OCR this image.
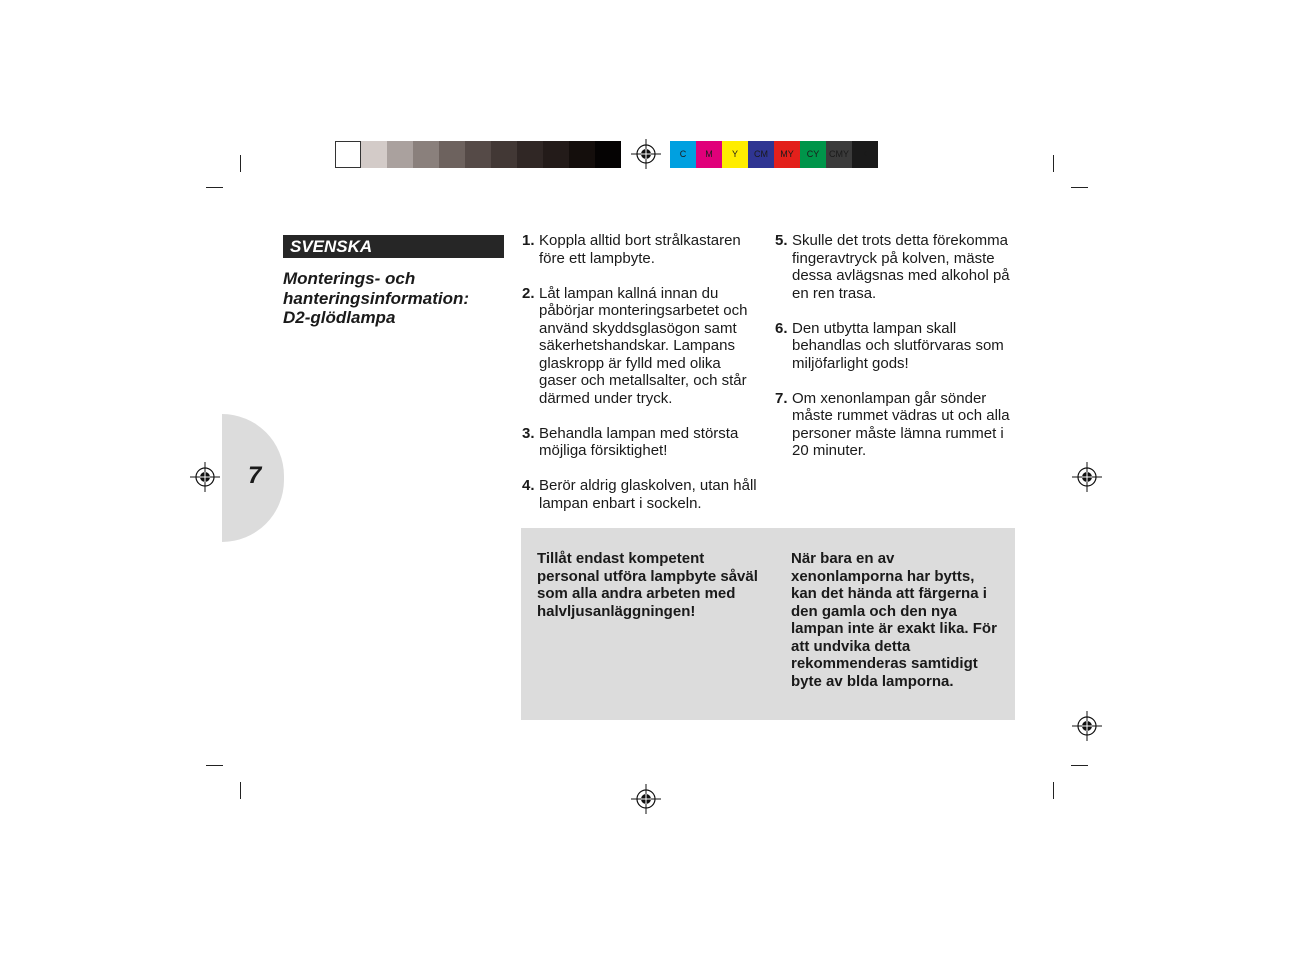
C	M	Y	CM	MY	CY	CMY	K
7
SVENSKA
Monterings- och
hanteringsinformation:
D2-glödlampa
1. Koppla alltid bort strålkastaren före ett lampbyte.
2. Låt lampan kallná innan du påbörjar monteringsarbetet och använd skyddsglasögon samt säkerhetshandskar. Lampans glaskropp är fylld med olika gaser och metallsalter, och står därmed under tryck.
3. Behandla lampan med största möjliga försiktighet!
4. Berör aldrig glaskolven, utan håll lampan enbart i sockeln.
5. Skulle det trots detta förekomma fingeravtryck på kolven, mäste dessa avlägsnas med alkohol på en ren trasa.
6. Den utbytta lampan skall behandlas och slutförvaras som miljöfarlight gods!
7. Om xenonlampan går sönder måste rummet vädras ut och alla personer måste lämna rummet i 20 minuter.
Tillåt endast kompetent personal utföra lampbyte såväl som alla andra arbeten med halvljusanläggningen!
När bara en av xenonlamporna har bytts, kan det hända att färgerna i den gamla och den nya lampan inte är exakt lika. För att undvika detta rekommenderas samtidigt byte av blda lamporna.
